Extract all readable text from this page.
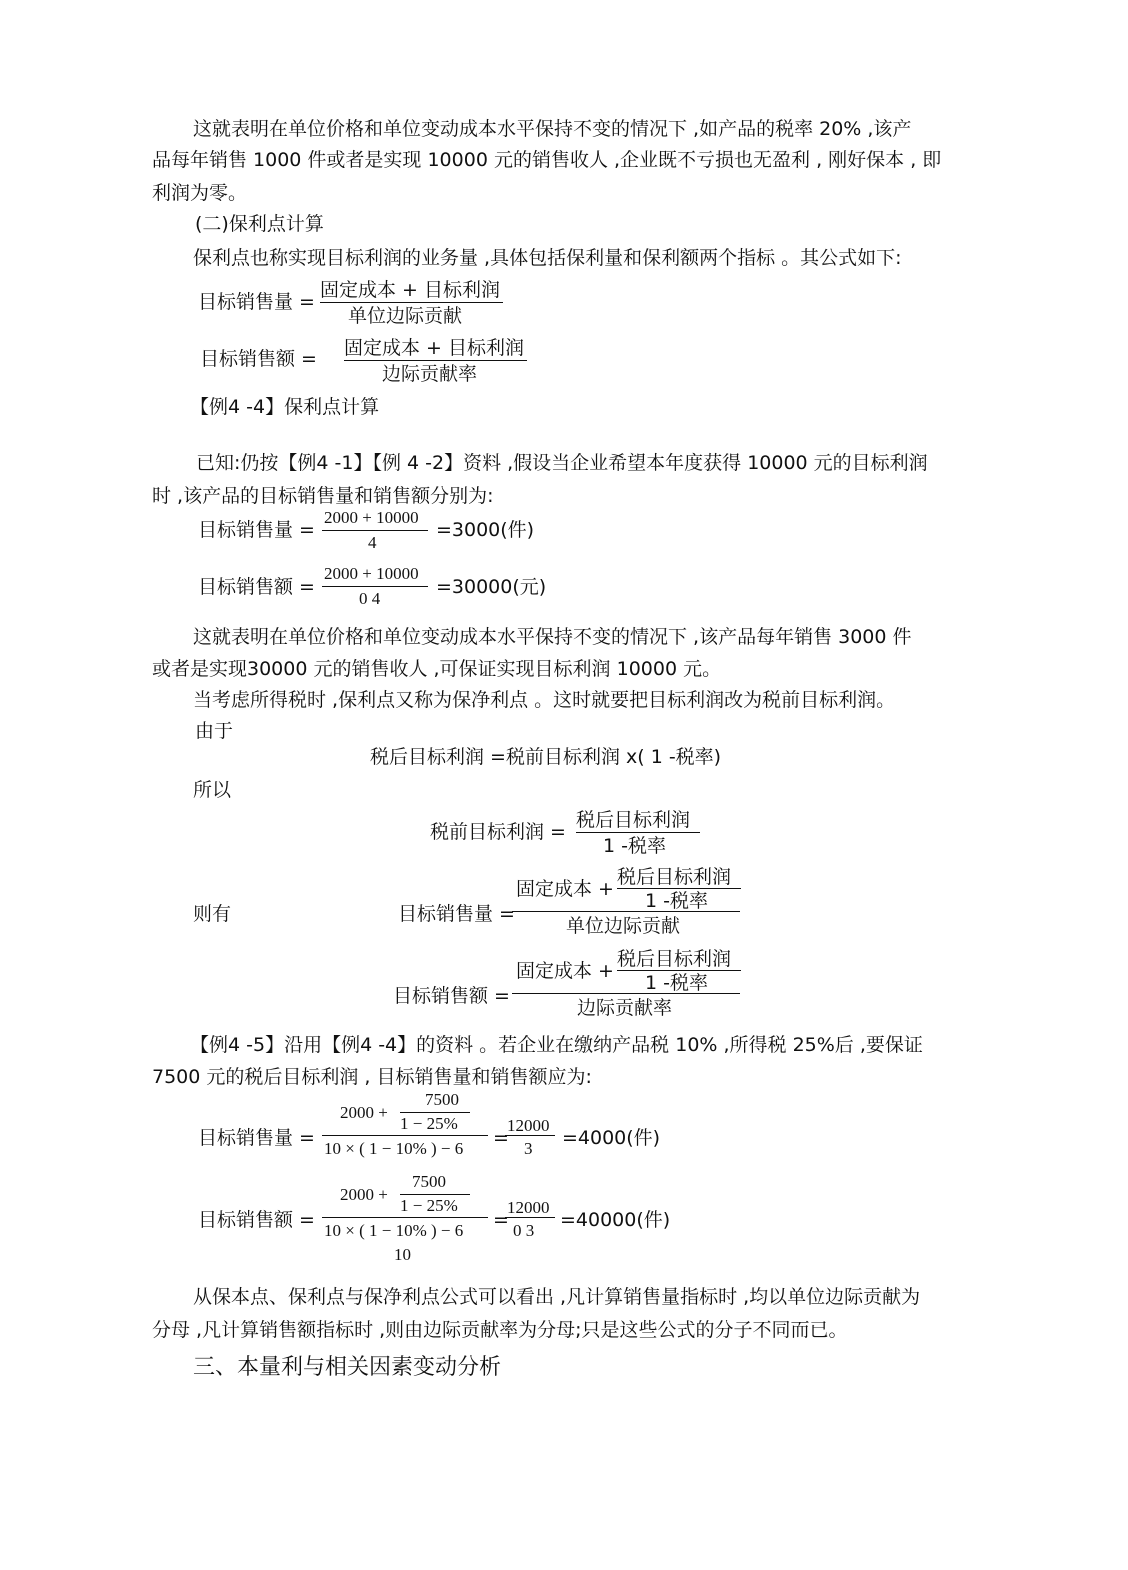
这就表明在单位价格和单位变动成本水平保持不变的情况下 ,如产品的税率 20% ,该产
品每年销售 1000 件或者是实现 10000 元的销售收人 ,企业既不亏损也无盈利 , 刚好保本 , 即
利润为零。
(二)保利点计算
保利点也称实现目标利润的业务量 ,具体包括保利量和保利额两个指标 。其公式如下:
目标销售量 =
固定成本 + 目标利润
单位边际贡献
目标销售额 = 固定成本 + 目标利润
边际贡献率
【例4 -4】保利点计算
已知:仍按【例4 -1】【例 4 -2】资料 ,假设当企业希望本年度获得 10000 元的目标利润
时 ,该产品的目标销售量和销售额分别为:
目标销售量 =
2000 + 10000
4
=3000(件)
目标销售额 =
2000 + 10000
0 4
=30000(元)
这就表明在单位价格和单位变动成本水平保持不变的情况下 ,该产品每年销售 3000 件
或者是实现30000 元的销售收人 ,可保证实现目标利润 10000 元。
当考虑所得税时 ,保利点又称为保净利点 。这时就要把目标利润改为税前目标利润。
由于
税后目标利润 =税前目标利润 x( 1 -税率)
所以
税前目标利润 =
税后目标利润
1 -税率
则有	目标销售量 =
固定成本 +
税后目标利润
1 -税率
单位边际贡献
目标销售额 =
固定成本 +
税后目标利润
1 -税率
边际贡献率
【例4 -5】沿用【例4 -4】的资料 。若企业在缴纳产品税 10% ,所得税 25%后 ,要保证
7500 元的税后目标利润 , 目标销售量和销售额应为:
目标销售量 =
2000 +
7500
1 − 25%
10 × ( 1 − 10% ) − 6 =
12000
3 =4000(件)
目标销售额 =
2000 +
7500
1 − 25%
10 × ( 1 − 10% ) − 6
10
=
12000
0 3 =40000(件)
从保本点、保利点与保净利点公式可以看出 ,凡计算销售量指标时 ,均以单位边际贡献为
分母 ,凡计算销售额指标时 ,则由边际贡献率为分母;只是这些公式的分子不同而已。
三、本量利与相关因素变动分析
